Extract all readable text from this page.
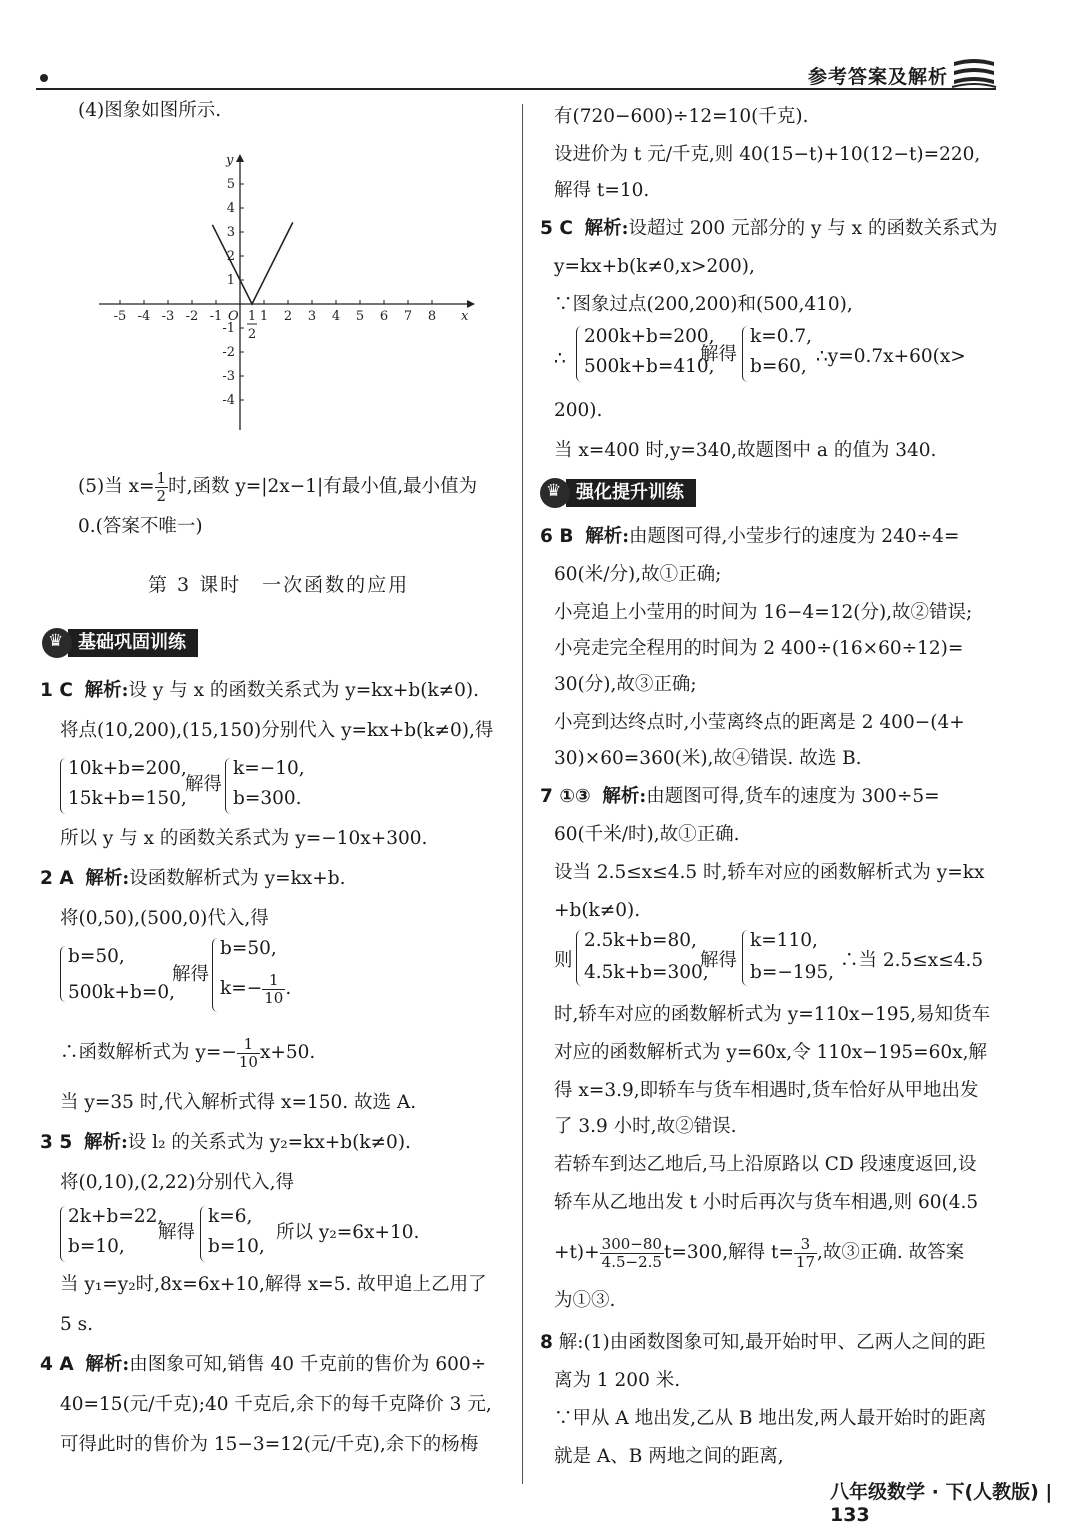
参考答案及解析
x
y
-5 -4 -3 -2 -1	1 2 3 4 5 6 7 8
1
2
3
4
5
-1
-2
-3
-4
O 1
2
(4)图象如图所示.
(5)当 $x= \frac{1}{2}$ 时,函数 y=|2x−1|有最小值,最小值为
0.(答案不唯一)
第 3 课时　一次函数的应用
♛
基础巩固训练
1 C 解析:设 y 与 x 的函数关系式为 y=kx+b(k≠0).
将点(10,200),(15,150)分别代入 y=kx+b(k≠0),得
10k+b=200,
15k+b=150,
解得
k=−10,
b=300.
所以 y 与 x 的函数关系式为 y=−10x+300.
2 A 解析:设函数解析式为 y=kx+b.
将(0,50),(500,0)代入,得
b=50,
500k+b=0,
解得
b=50,
$k=- \frac{1}{10}$ .
∴函数解析式为 $y=- \frac{1}{10} x+50$.
当 y=35 时,代入解析式得 x=150. 故选 A.
3 5 解析:设 l₂ 的关系式为 y₂=kx+b(k≠0).
将(0,10),(2,22)分别代入,得
2k+b=22,
b=10,
解得
k=6,
b=10,
所以 y₂=6x+10.
当 y₁=y₂时,8x=6x+10,解得 x=5. 故甲追上乙用了
5 s.
4 A 解析:由图象可知,销售 40 千克前的售价为 600÷
40=15(元/千克);40 千克后,余下的每千克降价 3 元,
可得此时的售价为 15−3=12(元/千克),余下的杨梅
有(720−600)÷12=10(千克).
设进价为 t 元/千克,则 40(15−t)+10(12−t)=220,
解得 t=10.
5 C 解析:设超过 200 元部分的 y 与 x 的函数关系式为
y=kx+b(k≠0,x>200),
∵图象过点(200,200)和(500,410),
∴
200k+b=200,
500k+b=410,
解得
k=0.7,
b=60, ∴y=0.7x+60(x>
200).
当 x=400 时,y=340,故题图中 a 的值为 340.
♛
强化提升训练
6 B 解析:由题图可得,小莹步行的速度为 240÷4=
60(米/分),故①正确;
小亮追上小莹用的时间为 16−4=12(分),故②错误;
小亮走完全程用的时间为 2 400÷(16×60÷12)=
30(分),故③正确;
小亮到达终点时,小莹离终点的距离是 2 400−(4+
30)×60=360(米),故④错误. 故选 B.
7 ①③ 解析:由题图可得,货车的速度为 300÷5=
60(千米/时),故①正确.
设当 2.5≤x≤4.5 时,轿车对应的函数解析式为 y=kx
+b(k≠0).
则
2.5k+b=80,
4.5k+b=300,
解得
k=110,
b=−195,
∴当 2.5≤x≤4.5
时,轿车对应的函数解析式为 y=110x−195,易知货车
对应的函数解析式为 y=60x,令 110x−195=60x,解
得 x=3.9,即轿车与货车相遇时,货车恰好从甲地出发
了 3.9 小时,故②错误.
若轿车到达乙地后,马上沿原路以 CD 段速度返回,设
轿车从乙地出发 t 小时后再次与货车相遇,则 60(4.5
$+t)+ \frac{300-80}{4.5-2.5} t=300$,解得 $t= \frac{3}{17}$ ,故③正确. 故答案
为①③.
8 解:(1)由函数图象可知,最开始时甲、乙两人之间的距
离为 1 200 米.
∵甲从 A 地出发,乙从 B 地出发,两人最开始时的距离
就是 A、B 两地之间的距离,
八年级数学 · 下(人教版) | 133
